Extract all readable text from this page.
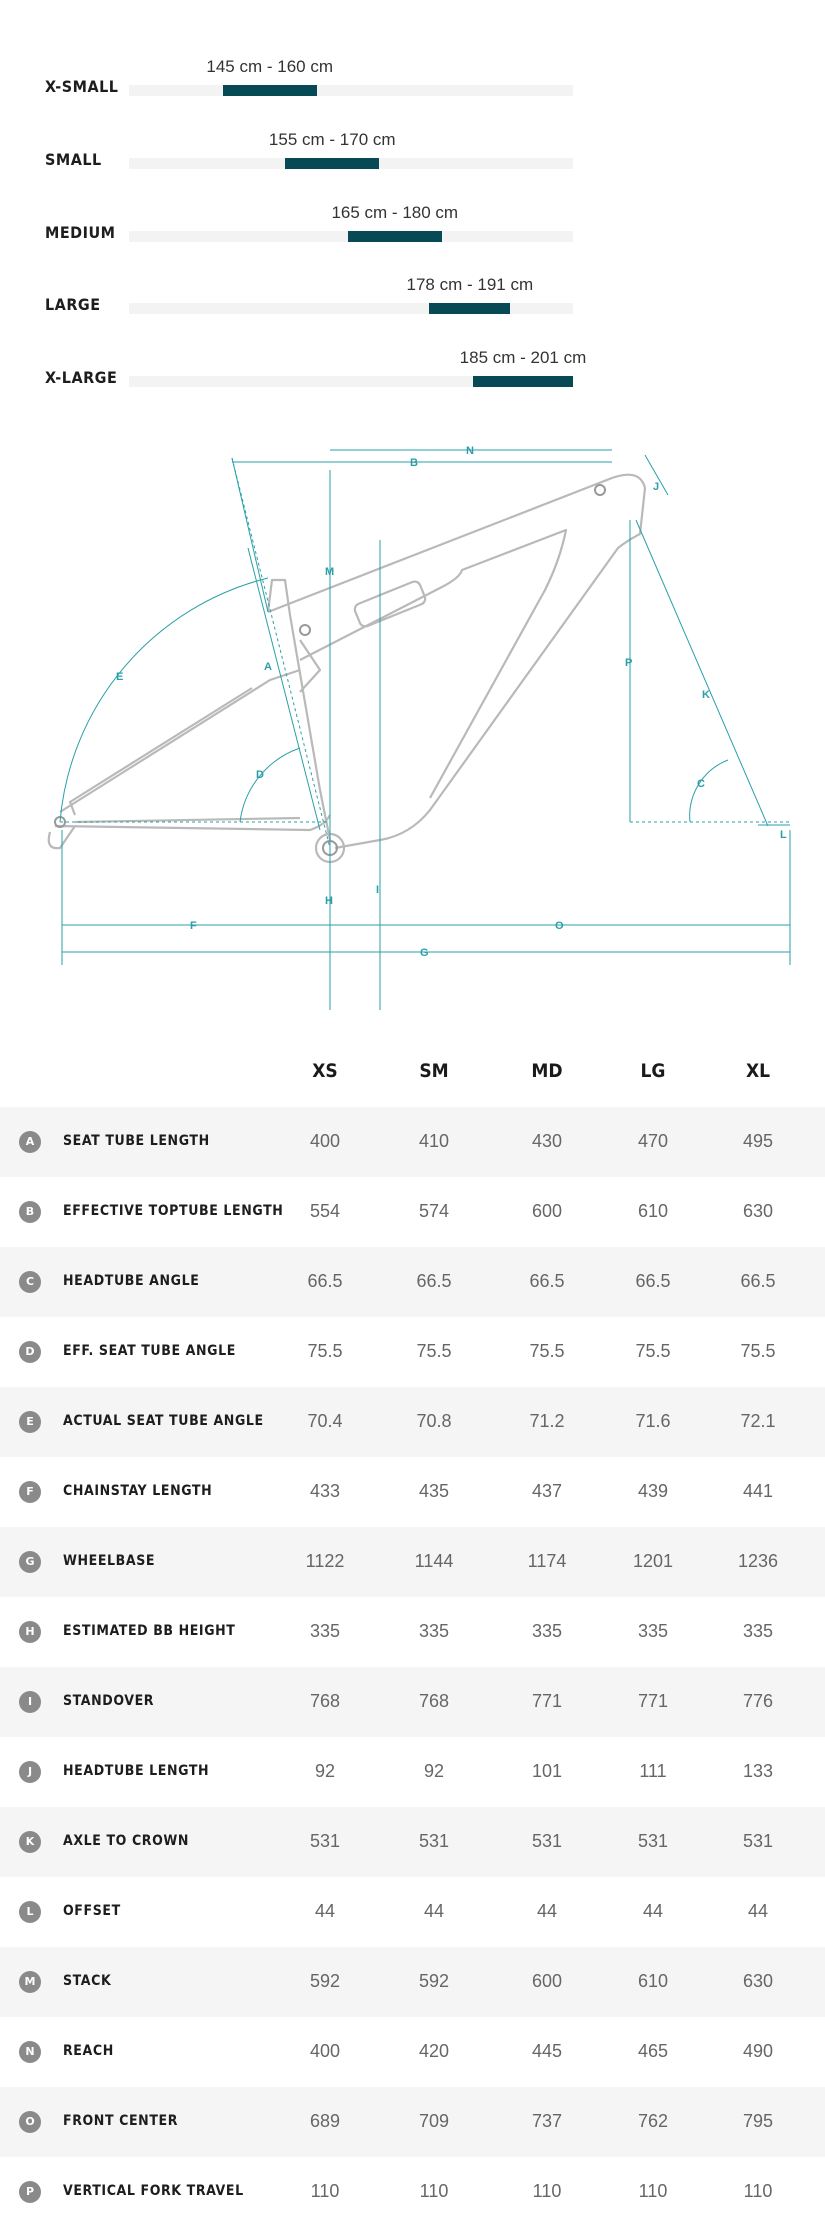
145 cm - 160 cm
X-SMALL
155 cm - 170 cm
SMALL
165 cm - 180 cm
MEDIUM
178 cm - 191 cm
LARGE
185 cm - 201 cm
X-LARGE
B
N
M
J
A
E
P
K
D
C
L
H
I
F	O
G
XS	SM	MD	LG	XL
A	SEAT TUBE LENGTH	400	410	430	470	495
B	EFFECTIVE TOPTUBE LENGTH	554	574	600	610	630
C	HEADTUBE ANGLE	66.5	66.5	66.5	66.5	66.5
D	EFF. SEAT TUBE ANGLE	75.5	75.5	75.5	75.5	75.5
E	ACTUAL SEAT TUBE ANGLE	70.4	70.8	71.2	71.6	72.1
F	CHAINSTAY LENGTH	433	435	437	439	441
G	WHEELBASE	1122	1144	1174	1201	1236
H	ESTIMATED BB HEIGHT	335	335	335	335	335
I	STANDOVER	768	768	771	771	776
J	HEADTUBE LENGTH	92	92	101	111	133
K	AXLE TO CROWN	531	531	531	531	531
L	OFFSET	44	44	44	44	44
M	STACK	592	592	600	610	630
N	REACH	400	420	445	465	490
O	FRONT CENTER	689	709	737	762	795
P	VERTICAL FORK TRAVEL	110	110	110	110	110
